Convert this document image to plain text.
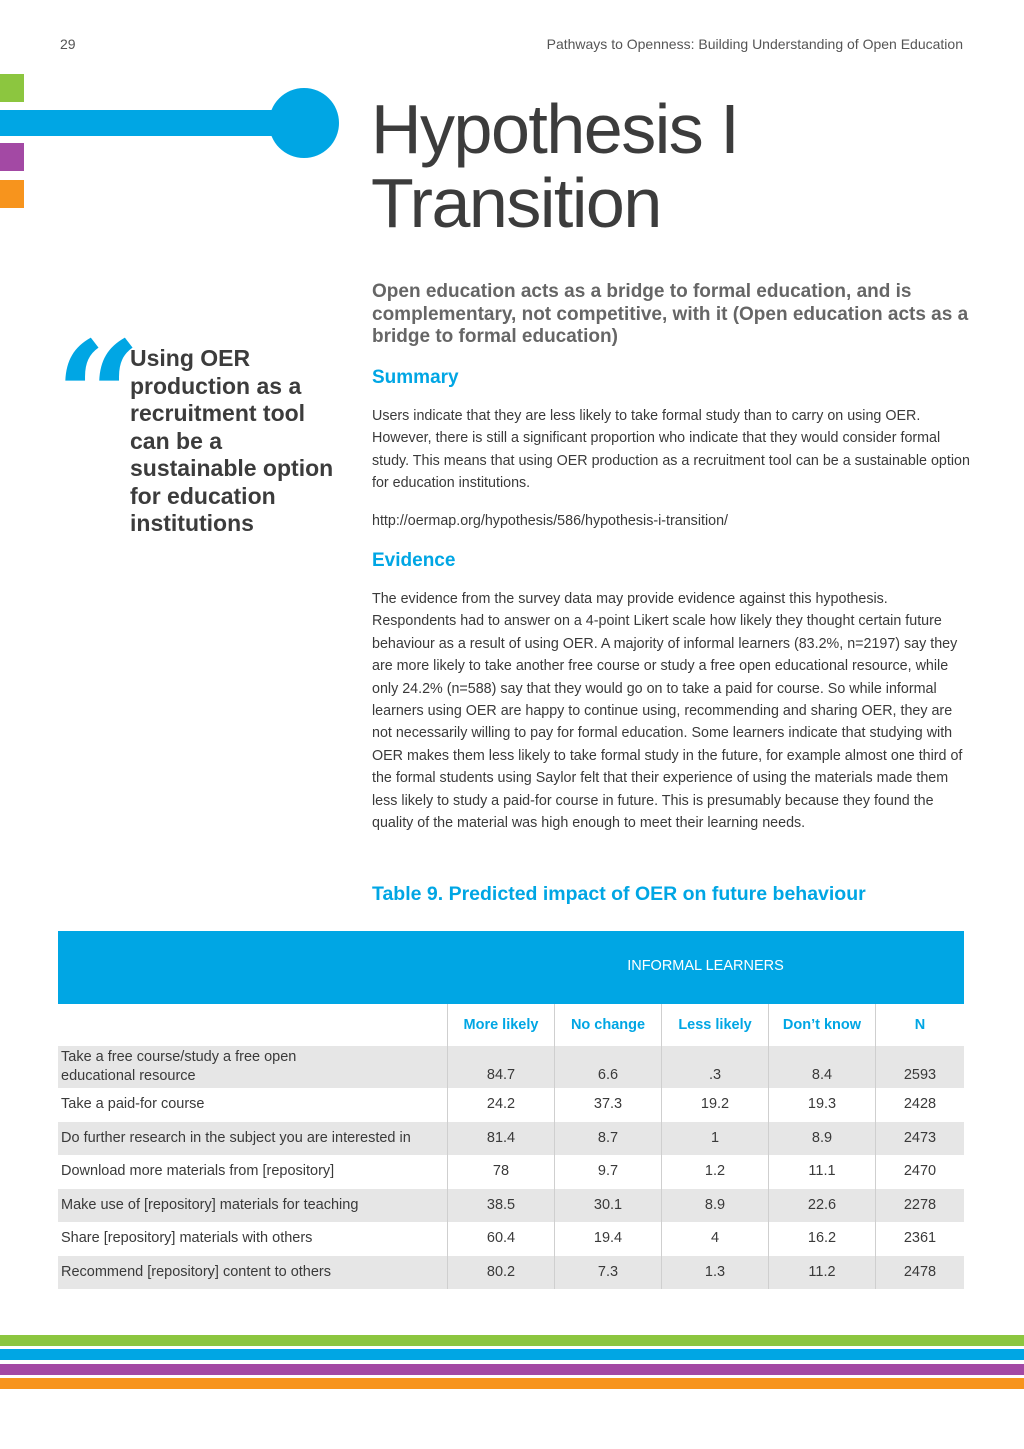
29	Pathways to Openness: Building Understanding of Open Education
Hypothesis I
Transition
“

Using OER production as a recruitment tool can be a sustainable option for education institutions

Open education acts as a bridge to formal education, and is complementary, not competitive, with it (Open education acts as a bridge to formal education)

Summary

Users indicate that they are less likely to take formal study than to carry on using OER. However, there is still a significant proportion who indicate that they would consider formal study. This means that using OER production as a recruitment tool can be a sustainable option for education institutions.

http://oermap.org/hypothesis/586/hypothesis-i-transition/

Evidence

The evidence from the survey data may provide evidence against this hypothesis. Respondents had to answer on a 4-point Likert scale how likely they thought certain future behaviour as a result of using OER. A majority of informal learners (83.2%, n=2197) say they are more likely to take another free course or study a free open educational resource, while only 24.2% (n=588) say that they would go on to take a paid for course. So while informal learners using OER are happy to continue using, recommending and sharing OER, they are not necessarily willing to pay for formal education. Some learners indicate that studying with OER makes them less likely to take formal study in the future, for example almost one third of the formal students using Saylor felt that their experience of using the materials made them less likely to study a paid-for course in future. This is presumably because they found the quality of the material was high enough to meet their learning needs.

Table 9. Predicted impact of OER on future behaviour
INFORMAL LEARNERS
More likely	No change	Less likely	Don’t know	N
Take a free course/study a free open
educational resource	84.7	6.6	.3	8.4	2593
Take a paid-for course	24.2	37.3	19.2	19.3	2428
Do further research in the subject you are interested in	81.4	8.7	1	8.9	2473
Download more materials from [repository]	78	9.7	1.2	11.1	2470
Make use of [repository] materials for teaching	38.5	30.1	8.9	22.6	2278
Share [repository] materials with others	60.4	19.4	4	16.2	2361
Recommend [repository] content to others	80.2	7.3	1.3	11.2	2478
